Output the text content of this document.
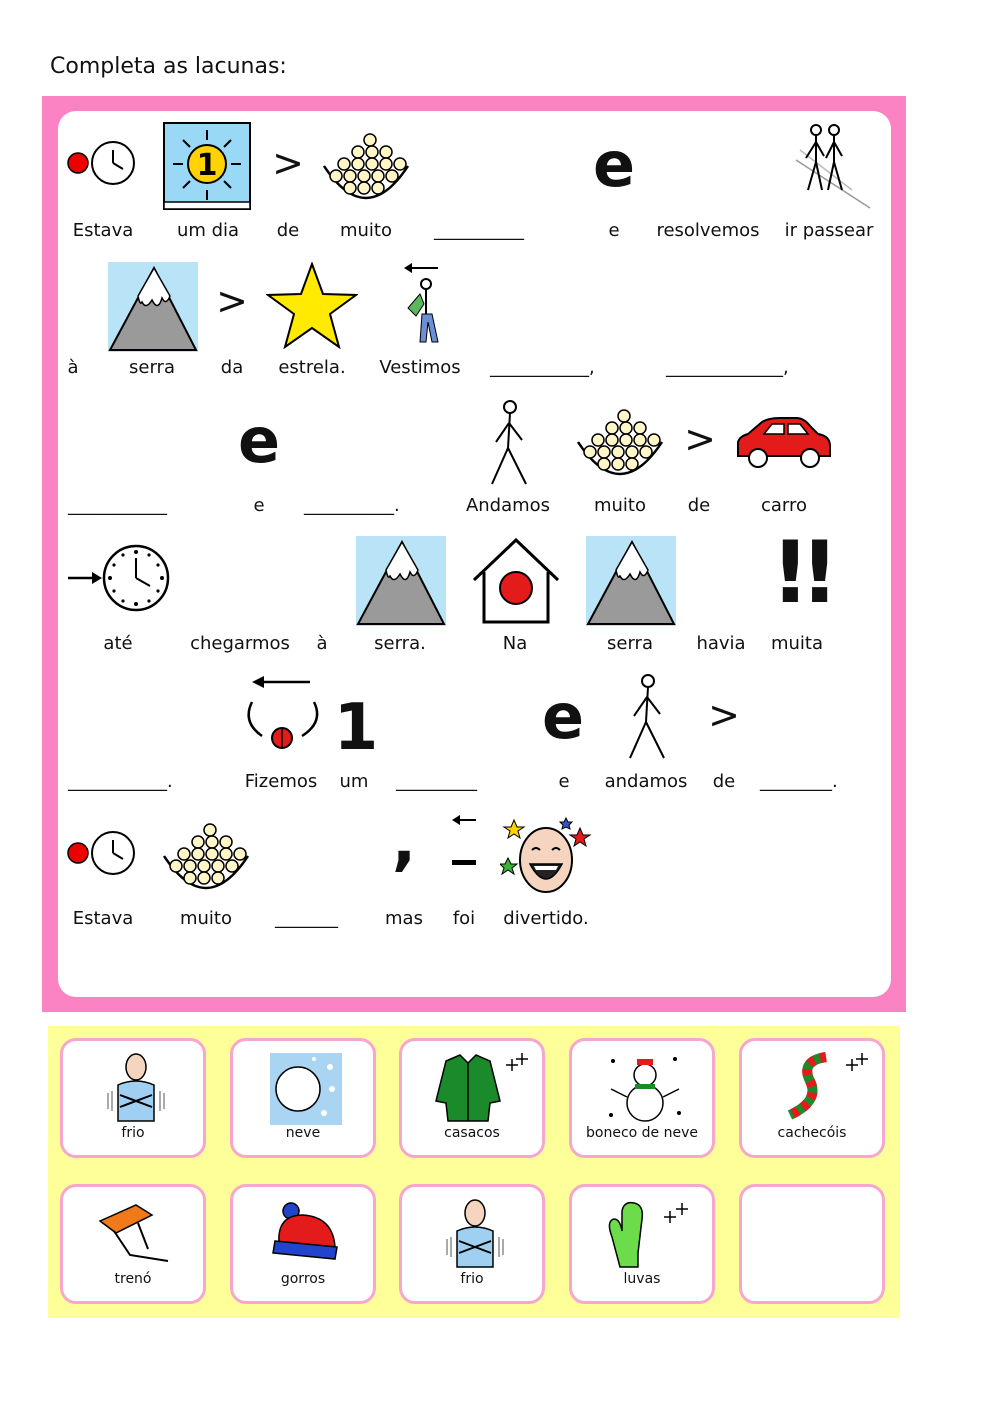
Completa as lacunas:
1 >	e
Estava um dia de muito __________	e resolvemos ir passear
>
à	serra	da estrela. Vestimos ___________,	_____________,
e	>
___________	e __________.	Andamos muito de	carro
!!
até	chegarmos à	serra.	Na	serra havia muita
1	e	>
___________.	Fizemos um _________	e andamos de ________.
,
Estava	muito _______	mas foi divertido.
frio	neve	casacos	boneco de neve	cachecóis
trenó	gorros	frio	luvas
